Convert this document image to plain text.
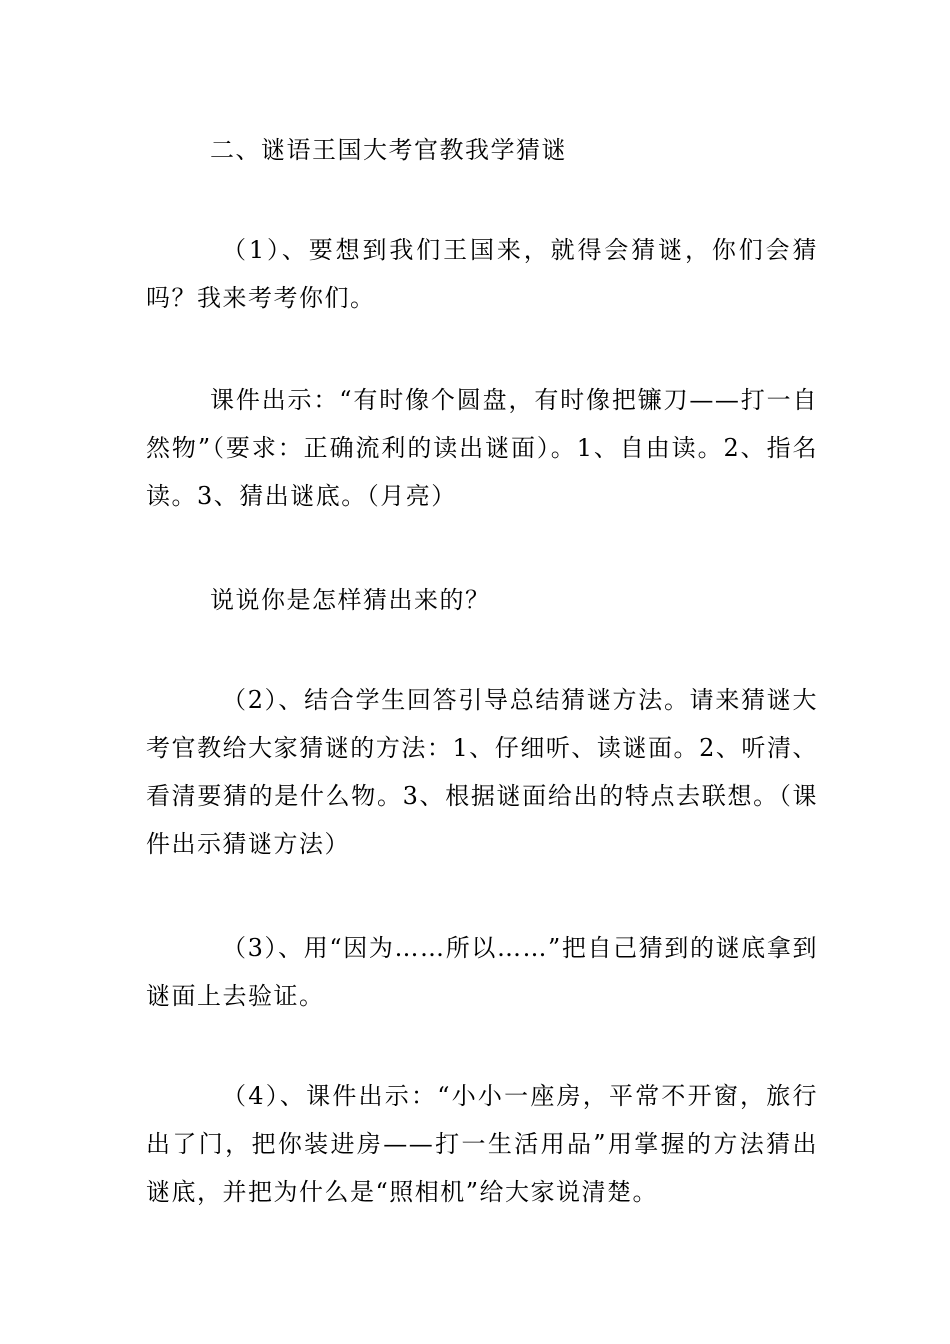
二、谜语王国大考官教我学猜谜

（1）、要想到我们王国来，就得会猜谜，你们会猜吗？我来考考你们。

课件出示：“有时像个圆盘，有时像把镰刀——打一自然物”（要求：正确流利的读出谜面）。1、自由读。2、指名读。3、猜出谜底。（月亮）

说说你是怎样猜出来的？

（2）、结合学生回答引导总结猜谜方法。请来猜谜大考官教给大家猜谜的方法：1、仔细听、读谜面。2、听清、看清要猜的是什么物。3、根据谜面给出的特点去联想。（课件出示猜谜方法）

（3）、用“因为……所以……”把自己猜到的谜底拿到谜面上去验证。

（4）、课件出示：“小小一座房，平常不开窗，旅行出了门，把你装进房——打一生活用品”用掌握的方法猜出谜底，并把为什么是“照相机”给大家说清楚。
